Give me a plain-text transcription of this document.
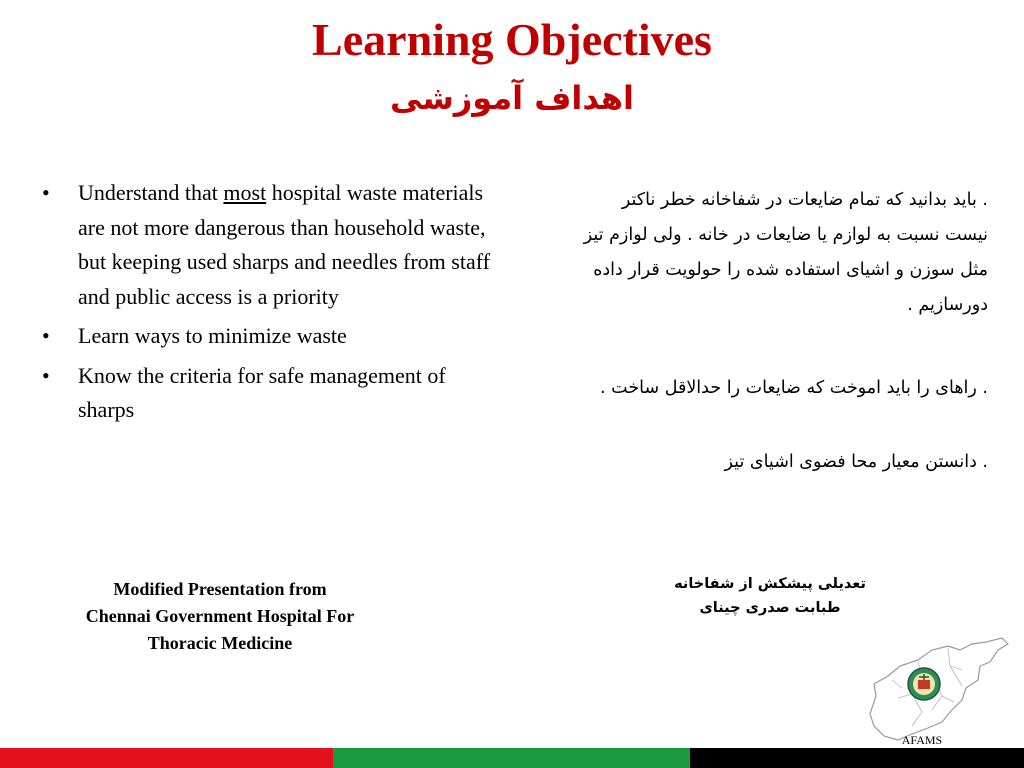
Learning Objectives
اهداف آموزشی
• Understand that most hospital waste materials are not more dangerous than household waste, but keeping used sharps and needles from staff and public access is a priority
• Learn ways to minimize waste
• Know the criteria for safe management of sharps
. باید بدانید که تمام ضایعات در شفاخانه خطر ناکتر نیست نسبت به لوازم یا ضایعات در خانه . ولی لوازم تیز مثل سوزن و اشیای استفاده شده را حولویت قرار داده دورسازیم .
. راهای را باید اموخت که ضایعات را حدالاقل ساخت .
. دانستن معیار محا فضوی اشیای تیز
Modified Presentation from Chennai Government Hospital For Thoracic Medicine
تعدیلی پیشکش از شفاخانه
طبابت صدری چینای
AFAMS
